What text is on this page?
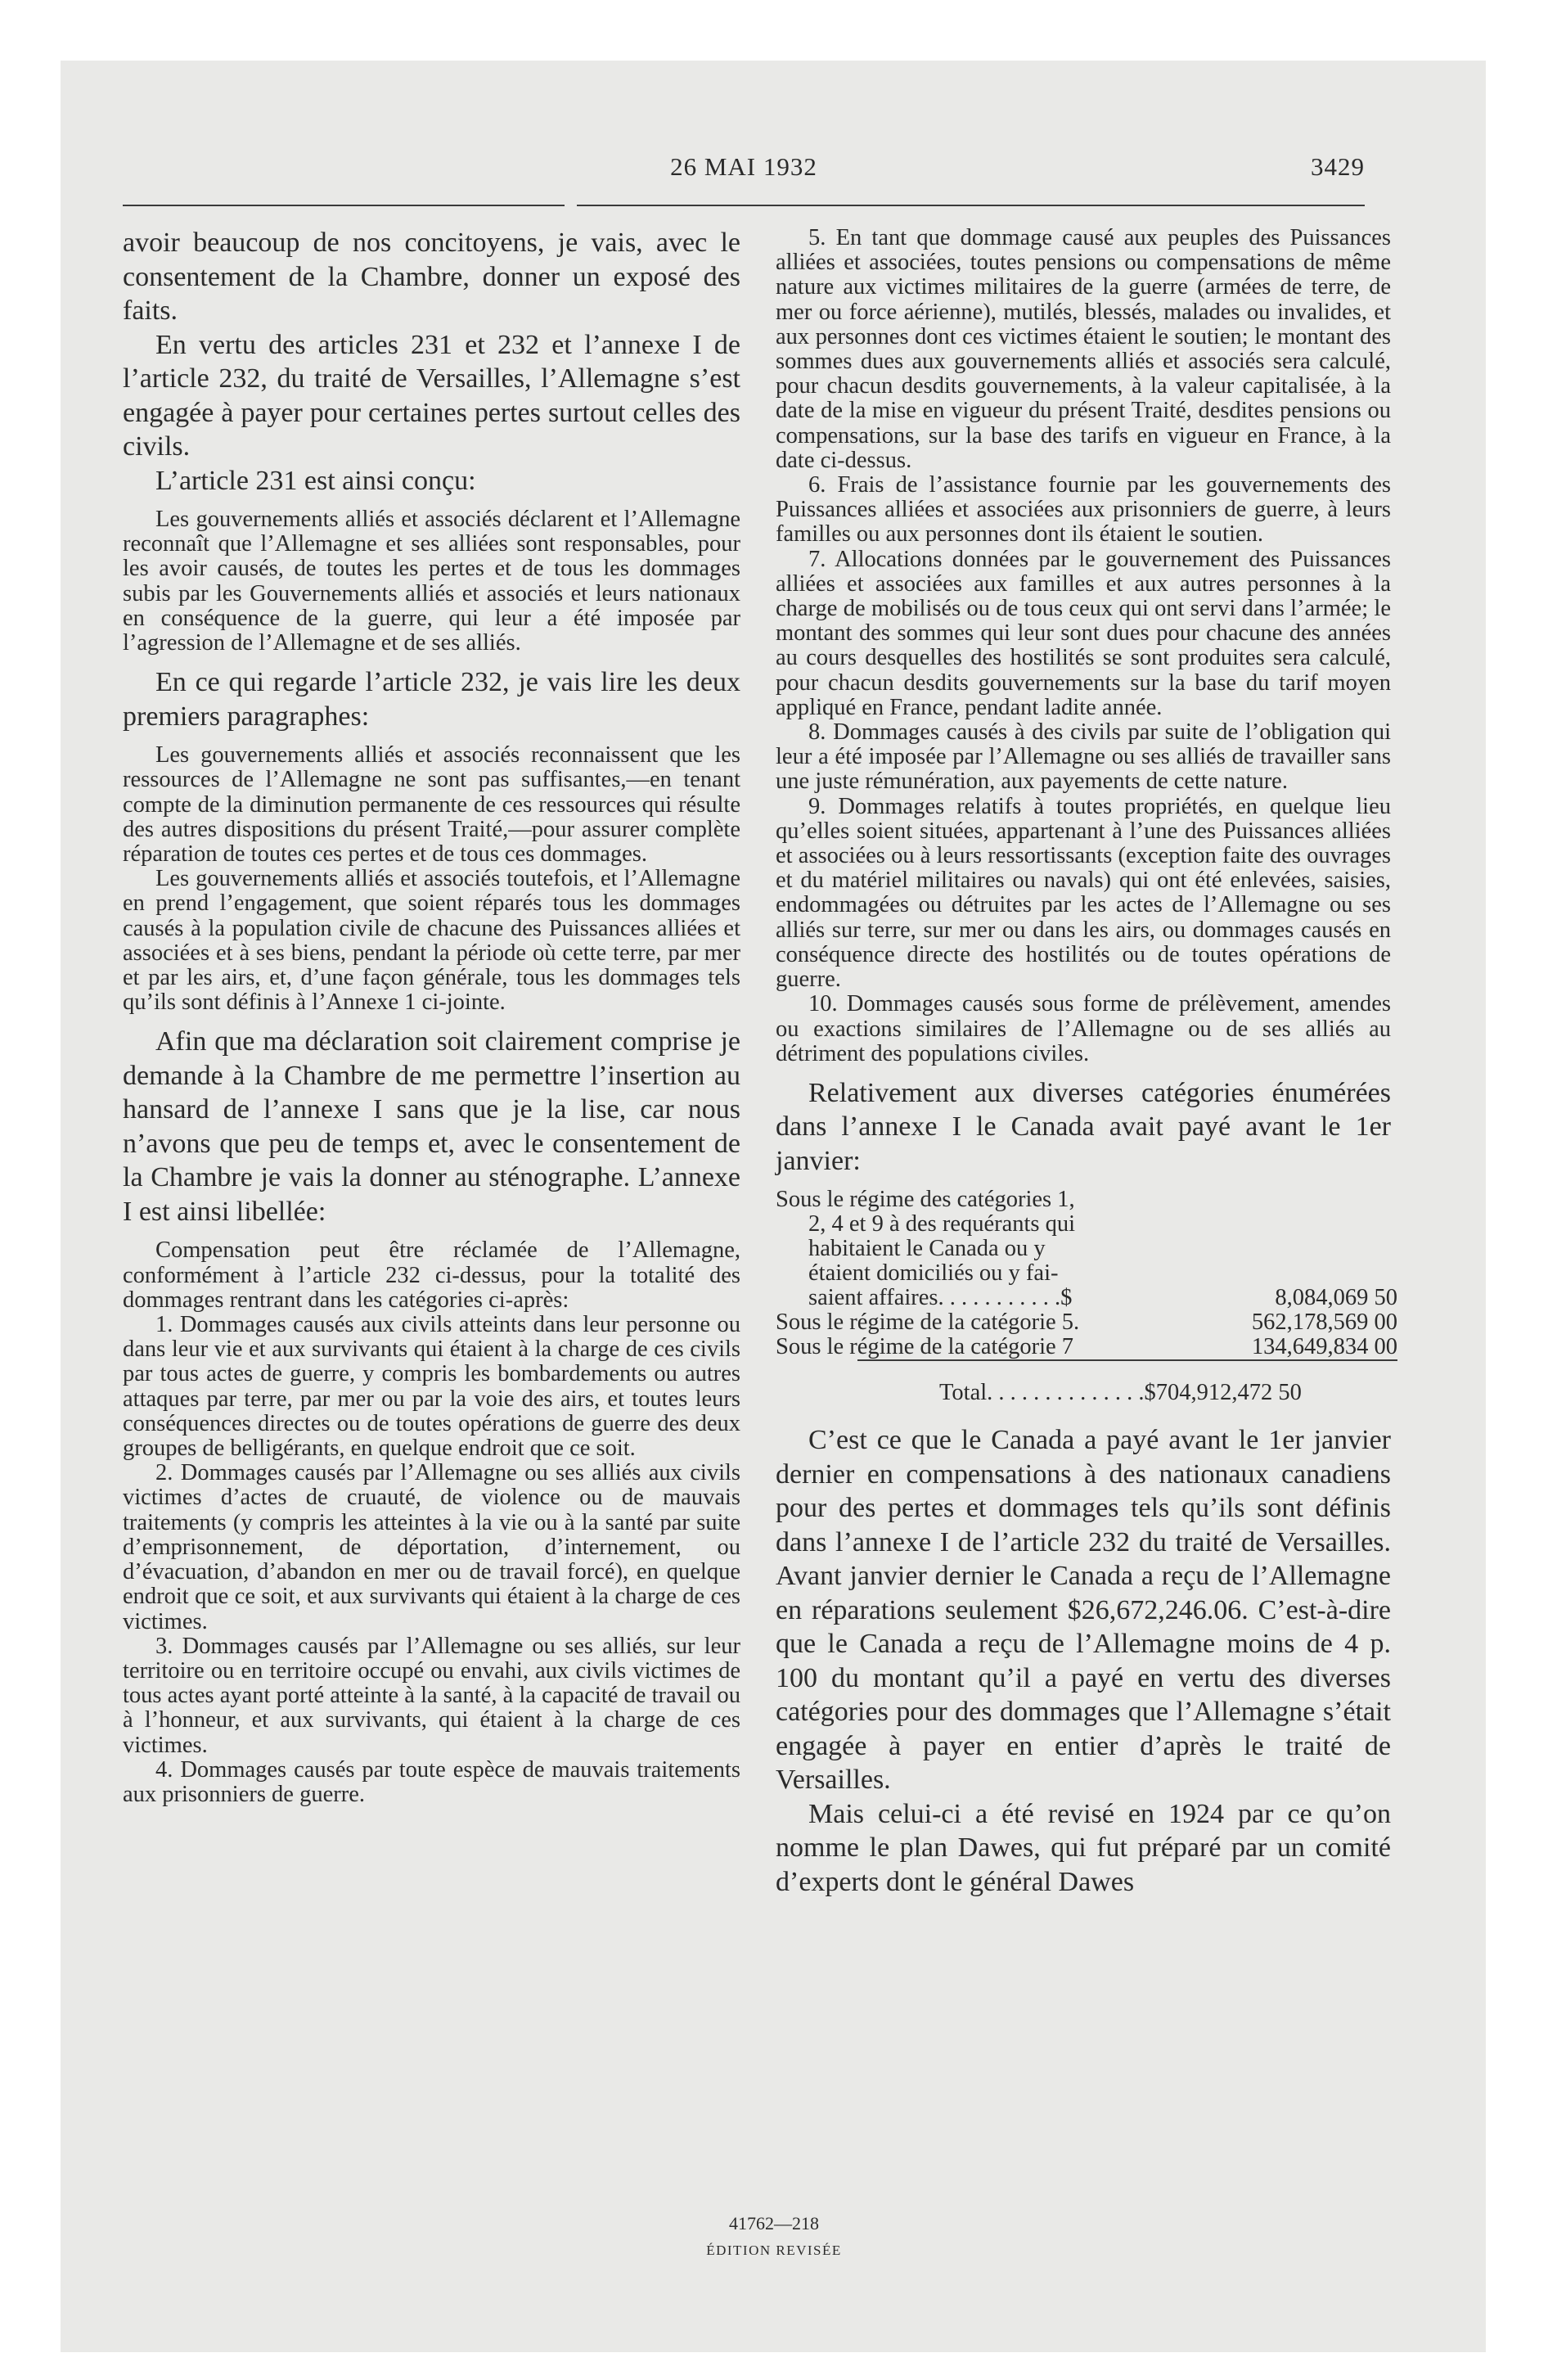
26 MAI 1932	3429

avoir beaucoup de nos concitoyens, je vais, avec le consentement de la Chambre, donner un exposé des faits.

En vertu des articles 231 et 232 et l’annexe I de l’article 232, du traité de Versailles, l’Allemagne s’est engagée à payer pour certaines pertes surtout celles des civils.

L’article 231 est ainsi conçu:

Les gouvernements alliés et associés déclarent et l’Allemagne reconnaît que l’Allemagne et ses alliées sont responsables, pour les avoir causés, de toutes les pertes et de tous les dommages subis par les Gouvernements alliés et associés et leurs nationaux en conséquence de la guerre, qui leur a été imposée par l’agression de l’Allemagne et de ses alliés.

En ce qui regarde l’article 232, je vais lire les deux premiers paragraphes:

Les gouvernements alliés et associés reconnaissent que les ressources de l’Allemagne ne sont pas suffisantes,—en tenant compte de la diminution permanente de ces ressources qui résulte des autres dispositions du présent Traité,—pour assurer complète réparation de toutes ces pertes et de tous ces dommages.

Les gouvernements alliés et associés toutefois, et l’Allemagne en prend l’engagement, que soient réparés tous les dommages causés à la population civile de chacune des Puissances alliées et associées et à ses biens, pendant la période où cette terre, par mer et par les airs, et, d’une façon générale, tous les dommages tels qu’ils sont définis à l’Annexe 1 ci-jointe.

Afin que ma déclaration soit clairement comprise je demande à la Chambre de me permettre l’insertion au hansard de l’annexe I sans que je la lise, car nous n’avons que peu de temps et, avec le consentement de la Chambre je vais la donner au sténographe. L’annexe I est ainsi libellée:

Compensation peut être réclamée de l’Allemagne, conformément à l’article 232 ci-dessus, pour la totalité des dommages rentrant dans les catégories ci-après:

1. Dommages causés aux civils atteints dans leur personne ou dans leur vie et aux survivants qui étaient à la charge de ces civils par tous actes de guerre, y compris les bombardements ou autres attaques par terre, par mer ou par la voie des airs, et toutes leurs conséquences directes ou de toutes opérations de guerre des deux groupes de belligérants, en quelque endroit que ce soit.

2. Dommages causés par l’Allemagne ou ses alliés aux civils victimes d’actes de cruauté, de violence ou de mauvais traitements (y compris les atteintes à la vie ou à la santé par suite d’emprisonnement, de déportation, d’internement, ou d’évacuation, d’abandon en mer ou de travail forcé), en quelque endroit que ce soit, et aux survivants qui étaient à la charge de ces victimes.

3. Dommages causés par l’Allemagne ou ses alliés, sur leur territoire ou en territoire occupé ou envahi, aux civils victimes de tous actes ayant porté atteinte à la santé, à la capacité de travail ou à l’honneur, et aux survivants, qui étaient à la charge de ces victimes.

4. Dommages causés par toute espèce de mauvais traitements aux prisonniers de guerre.

5. En tant que dommage causé aux peuples des Puissances alliées et associées, toutes pensions ou compensations de même nature aux victimes militaires de la guerre (armées de terre, de mer ou force aérienne), mutilés, blessés, malades ou invalides, et aux personnes dont ces victimes étaient le soutien; le montant des sommes dues aux gouvernements alliés et associés sera calculé, pour chacun desdits gouvernements, à la valeur capitalisée, à la date de la mise en vigueur du présent Traité, desdites pensions ou compensations, sur la base des tarifs en vigueur en France, à la date ci-dessus.

6. Frais de l’assistance fournie par les gouvernements des Puissances alliées et associées aux prisonniers de guerre, à leurs familles ou aux personnes dont ils étaient le soutien.

7. Allocations données par le gouvernement des Puissances alliées et associées aux familles et aux autres personnes à la charge de mobilisés ou de tous ceux qui ont servi dans l’armée; le montant des sommes qui leur sont dues pour chacune des années au cours desquelles des hostilités se sont produites sera calculé, pour chacun desdits gouvernements sur la base du tarif moyen appliqué en France, pendant ladite année.

8. Dommages causés à des civils par suite de l’obligation qui leur a été imposée par l’Allemagne ou ses alliés de travailler sans une juste rémunération, aux payements de cette nature.

9. Dommages relatifs à toutes propriétés, en quelque lieu qu’elles soient situées, appartenant à l’une des Puissances alliées et associées ou à leurs ressortissants (exception faite des ouvrages et du matériel militaires ou navals) qui ont été enlevées, saisies, endommagées ou détruites par les actes de l’Allemagne ou ses alliés sur terre, sur mer ou dans les airs, ou dommages causés en conséquence directe des hostilités ou de toutes opérations de guerre.

10. Dommages causés sous forme de prélèvement, amendes ou exactions similaires de l’Allemagne ou de ses alliés au détriment des populations civiles.

Relativement aux diverses catégories énumérées dans l’annexe I le Canada avait payé avant le 1er janvier:

Sous le régime des catégories 1,
2, 4 et 9 à des requérants qui
habitaient le Canada ou y
étaient domiciliés ou y fai-
saient affaires. . . . . . . . . . .$	8,084,069 50
Sous le régime de la catégorie 5.	562,178,569 00
Sous le régime de la catégorie 7	134,649,834 00

Total. . . . . . . . . . . . . .$704,912,472 50	

C’est ce que le Canada a payé avant le 1er janvier dernier en compensations à des nationaux canadiens pour des pertes et dommages tels qu’ils sont définis dans l’annexe I de l’article 232 du traité de Versailles. Avant janvier dernier le Canada a reçu de l’Allemagne en réparations seulement $26,672,246.06. C’est-à-dire que le Canada a reçu de l’Allemagne moins de 4 p. 100 du montant qu’il a payé en vertu des diverses catégories pour des dommages que l’Allemagne s’était engagée à payer en entier d’après le traité de Versailles.

Mais celui-ci a été revisé en 1924 par ce qu’on nomme le plan Dawes, qui fut préparé par un comité d’experts dont le général Dawes

41762—218
ÉDITION REVISÉE
